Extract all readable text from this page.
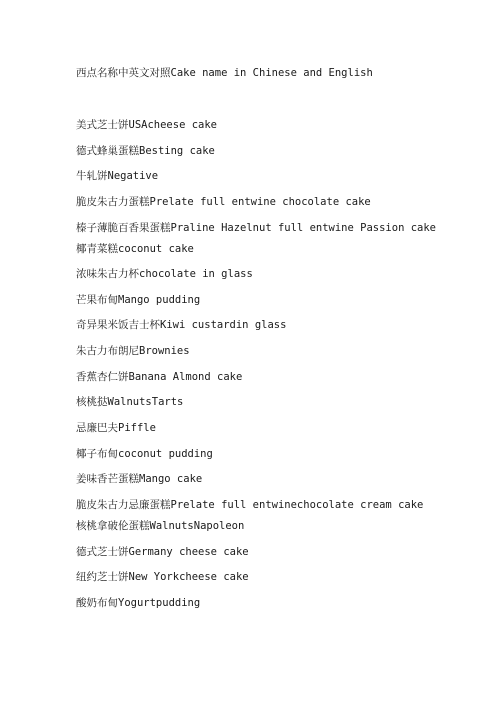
西点名称中英文对照Cake name in Chinese and English
美式芝士饼USAcheese cake
德式蜂巢蛋糕Besting cake
牛轧饼Negative
脆皮朱古力蛋糕Prelate full entwine chocolate cake
榛子薄脆百香果蛋糕Praline Hazelnut full entwine Passion cake
椰青菜糕coconut cake
浓味朱古力杯chocolate in glass
芒果布甸Mango pudding
奇异果米饭吉士杯Kiwi custardin glass
朱古力布朗尼Brownies
香蕉杏仁饼Banana Almond cake
核桃挞WalnutsTarts
忌廉巴夫Piffle
椰子布甸coconut pudding
姜味香芒蛋糕Mango cake
脆皮朱古力忌廉蛋糕Prelate full entwinechocolate cream cake
核桃拿破伦蛋糕WalnutsNapoleon
德式芝士饼Germany cheese cake
纽约芝士饼New Yorkcheese cake
酸奶布甸Yogurtpudding
